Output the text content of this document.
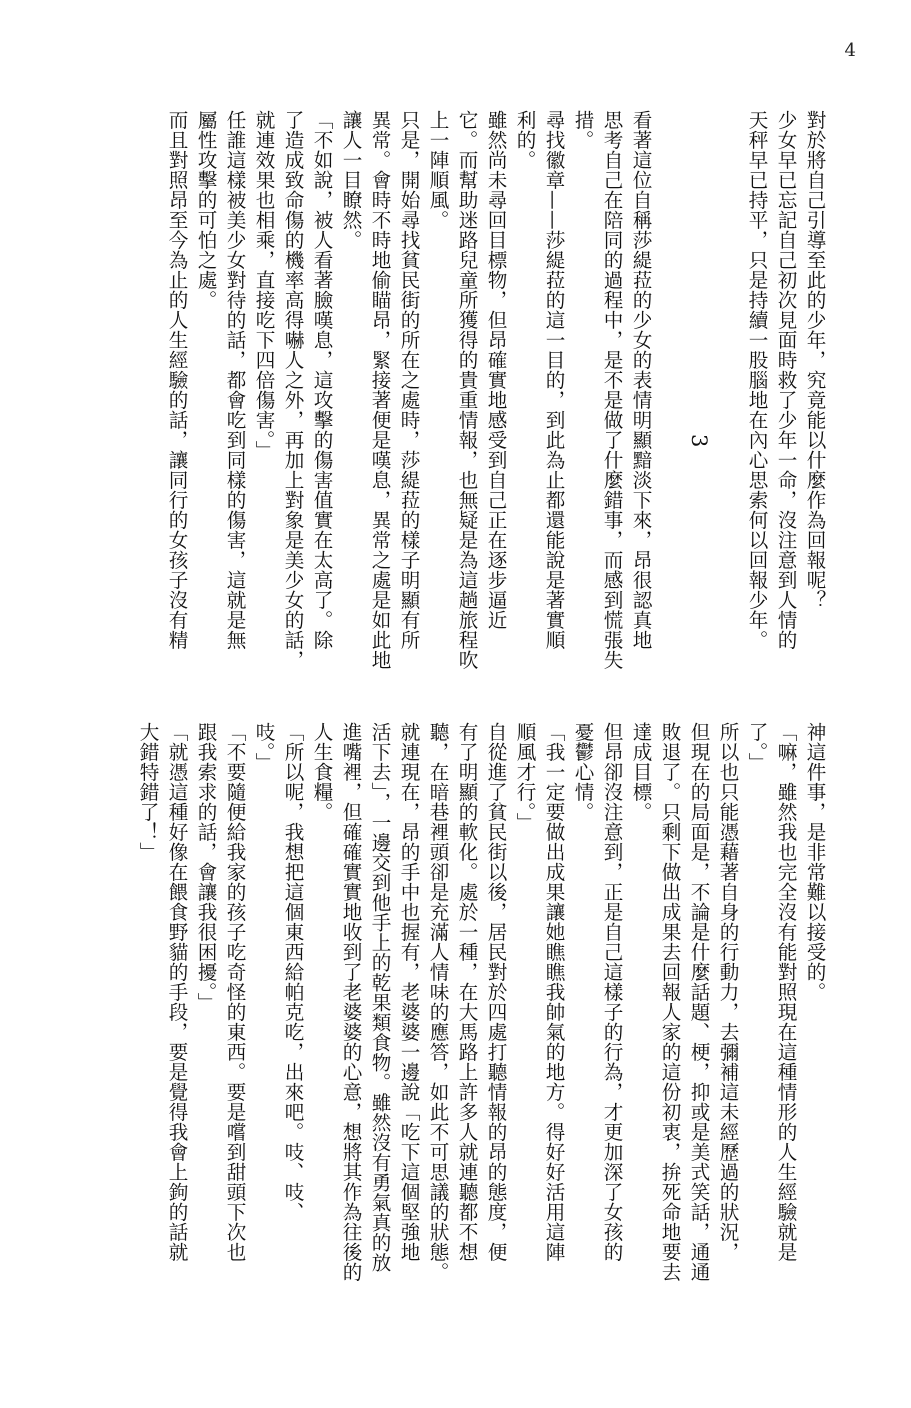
4
對於將自己引導至此的少年，究竟能以什麼作為回報呢？
少女早已忘記自己初次見面時救了少年一命，沒注意到人情的
天秤早已持平，只是持續一股腦地在內心思索何以回報少年。
3
看著這位自稱莎緹菈的少女的表情明顯黯淡下來，昂很認真地
思考自己在陪同的過程中，是不是做了什麼錯事，而感到慌張失
措。
尋找徽章——莎緹菈的這一目的，到此為止都還能說是著實順
利的。
雖然尚未尋回目標物，但昂確實地感受到自己正在逐步逼近
它。而幫助迷路兒童所獲得的貴重情報，也無疑是為這趟旅程吹
上一陣順風。
只是，開始尋找貧民街的所在之處時，莎緹菈的樣子明顯有所
異常。會時不時地偷瞄昂，緊接著便是嘆息，異常之處是如此地
讓人一目瞭然。
「不如說，被人看著臉嘆息，這攻擊的傷害值實在太高了。除
了造成致命傷的機率高得嚇人之外，再加上對象是美少女的話，
就連效果也相乘，直接吃下四倍傷害。」
任誰這樣被美少女對待的話，都會吃到同樣的傷害，這就是無
屬性攻擊的可怕之處。
而且對照昂至今為止的人生經驗的話，讓同行的女孩子沒有精
神這件事，是非常難以接受的。
「嘛，雖然我也完全沒有能對照現在這種情形的人生經驗就是
了。」
所以也只能憑藉著自身的行動力，去彌補這未經歷過的狀況，
但現在的局面是，不論是什麼話題、梗，抑或是美式笑話，通通
敗退了。只剩下做出成果去回報人家的這份初衷，拚死命地要去
達成目標。
但昂卻沒注意到，正是自己這樣子的行為，才更加深了女孩的
憂鬱心情。
「我一定要做出成果讓她瞧瞧我帥氣的地方。得好好活用這陣
順風才行。」
自從進了貧民街以後，居民對於四處打聽情報的昂的態度，便
有了明顯的軟化。處於一種，在大馬路上許多人就連聽都不想
聽，在暗巷裡頭卻是充滿人情味的應答，如此不可思議的狀態。
就連現在，昂的手中也握有，老婆婆一邊說「吃下這個堅強地
活下去」，一邊交到他手上的乾果類食物。雖然沒有勇氣真的放
進嘴裡，但確確實實地收到了老婆婆的心意，想將其作為往後的
人生食糧。
「所以呢，我想把這個東西給帕克吃，出來吧。吱、吱、
吱。」
「不要隨便給我家的孩子吃奇怪的東西。要是嚐到甜頭下次也
跟我索求的話，會讓我很困擾。」
「就憑這種好像在餵食野貓的手段，要是覺得我會上鉤的話就
大錯特錯了！」
